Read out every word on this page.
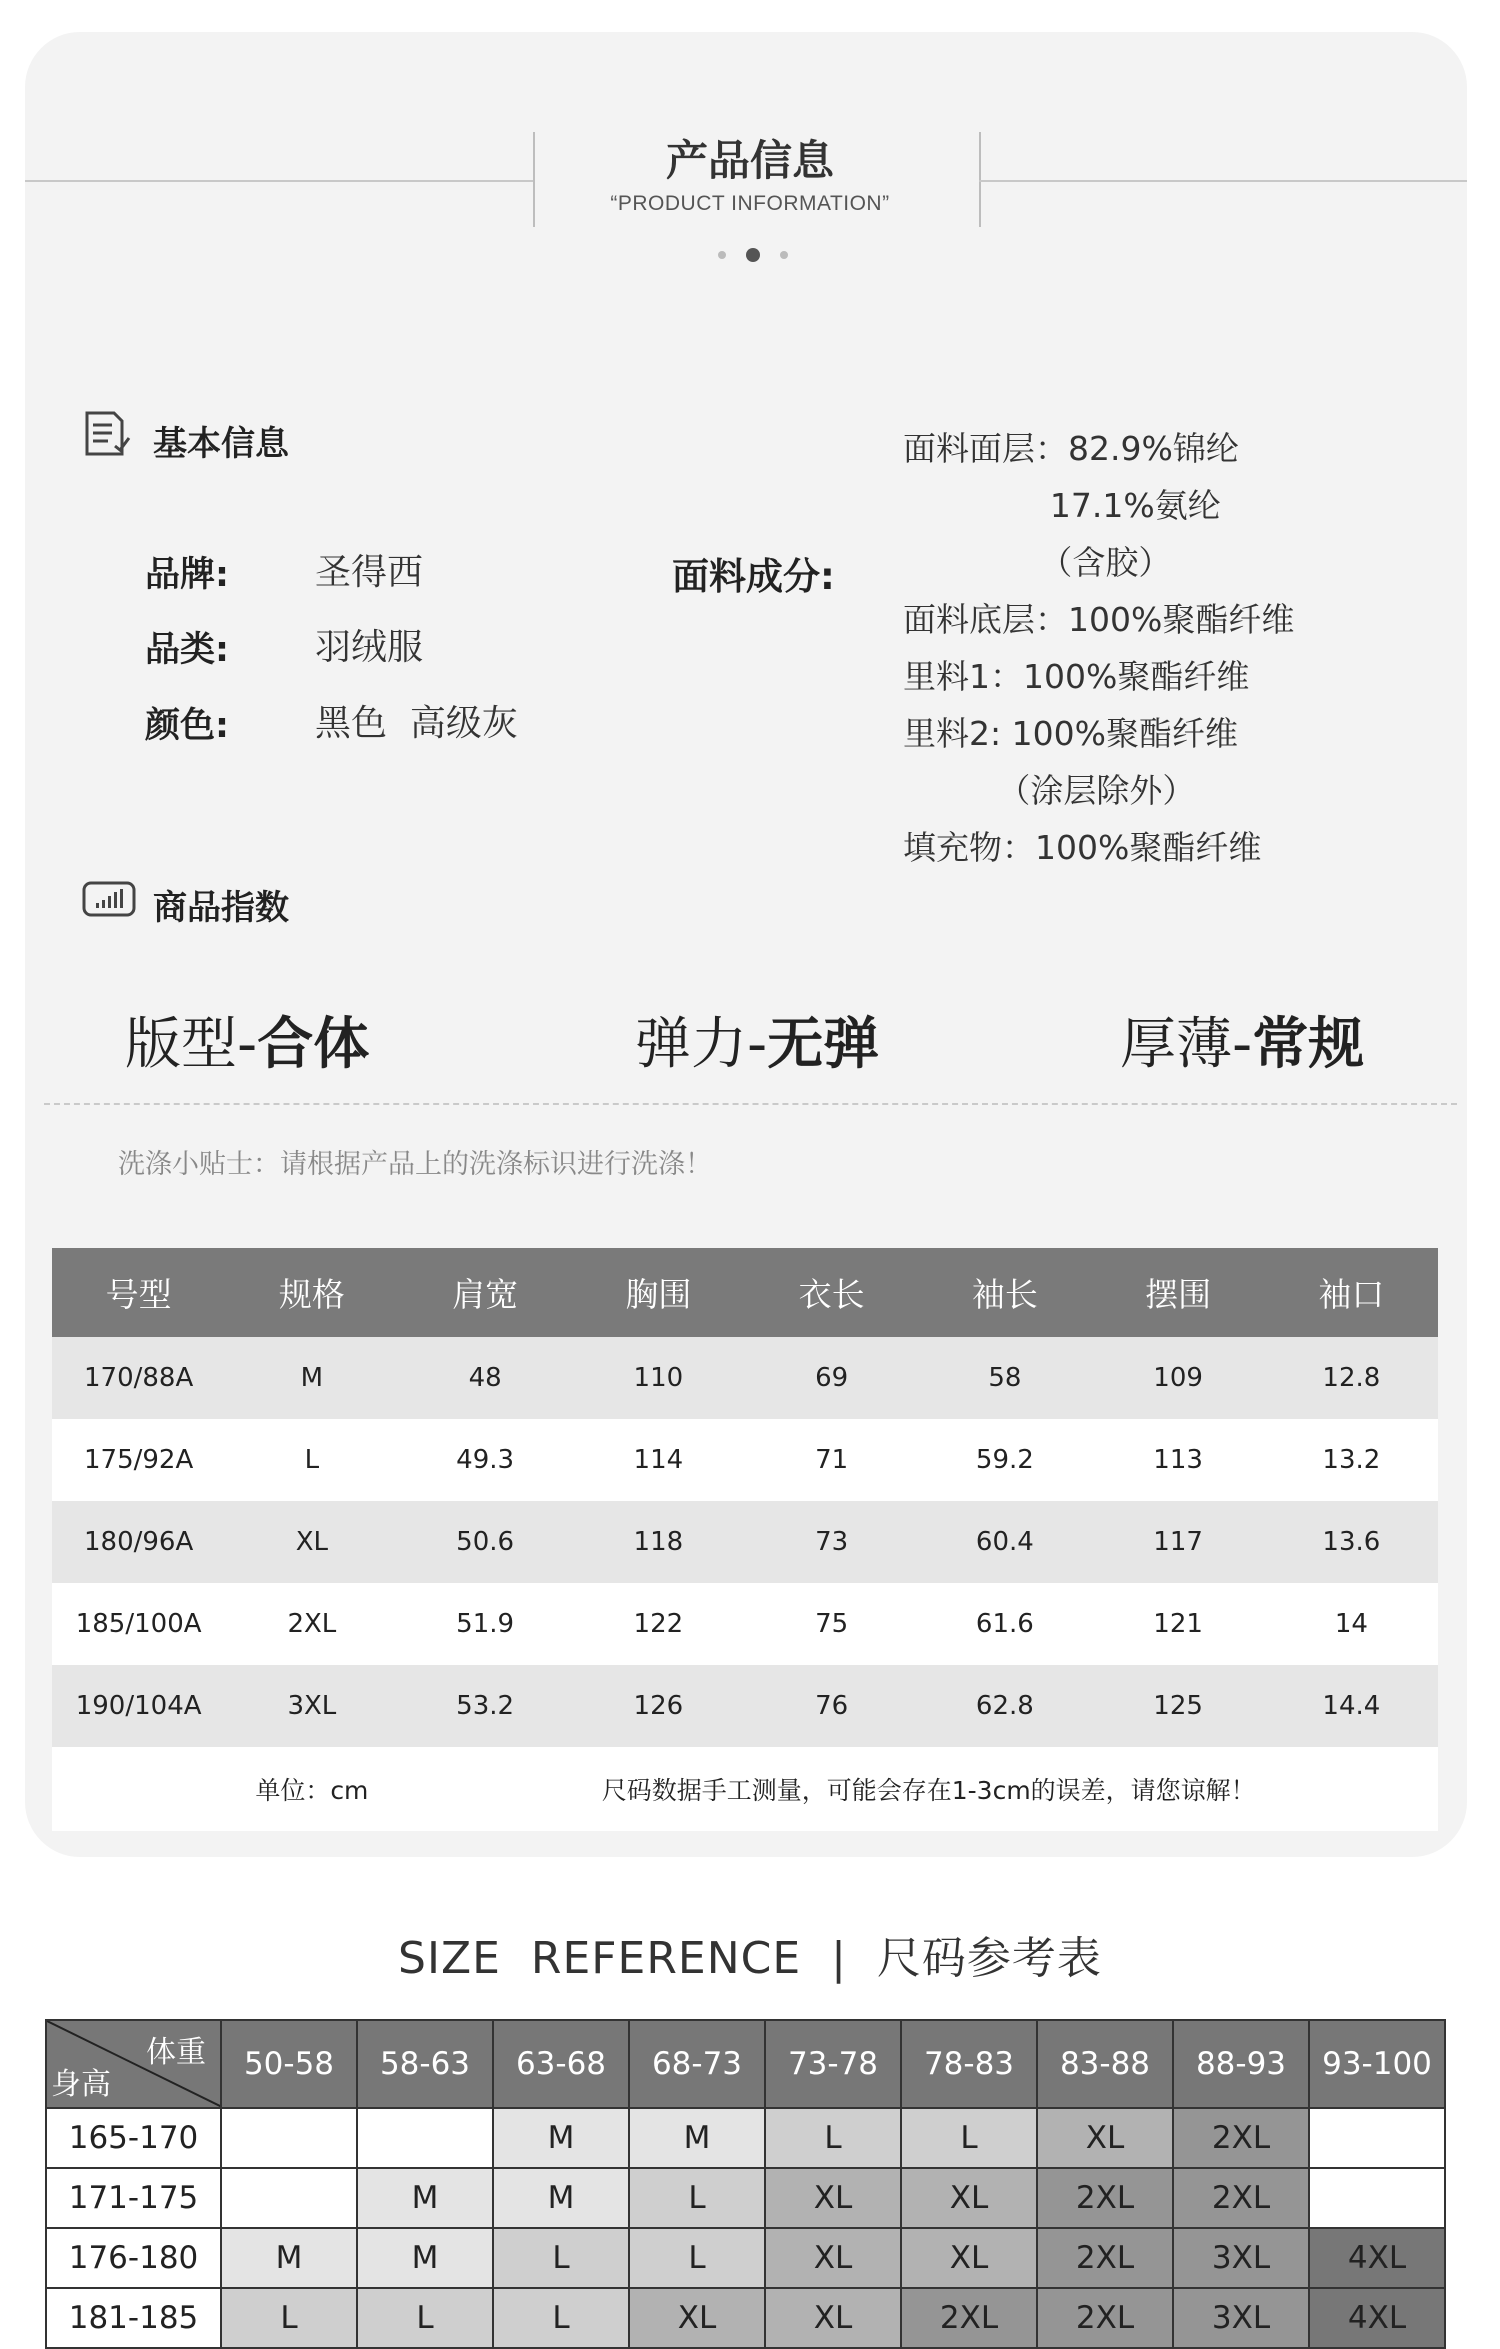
产品信息
“PRODUCT INFORMATION”
基本信息
品牌: 圣得西
品类: 羽绒服
颜色: 黑色  高级灰
面料成分:
面料面层：82.9%锦纶
17.1%氨纶
（含胶）
面料底层：100%聚酯纤维
里料1：100%聚酯纤维
里料2: 100%聚酯纤维
（涂层除外）
填充物：100%聚酯纤维
商品指数
版型-合体	弹力-无弹	厚薄-常规
洗涤小贴士：请根据产品上的洗涤标识进行洗涤！
号型	规格	肩宽	胸围	衣长	袖长	摆围	袖口
170/88A	M	48	110	69	58	109	12.8
175/92A	L	49.3	114	71	59.2	113	13.2
180/96A	XL	50.6	118	73	60.4	117	13.6
185/100A	2XL	51.9	122	75	61.6	121	14
190/104A	3XL	53.2	126	76	62.8	125	14.4
单位：cm			尺码数据手工测量，可能会存在1-3cm的误差，请您谅解！				
SIZE  REFERENCE  |  尺码参考表
体重
身高	50-58	58-63	63-68	68-73	73-78	78-83	83-88	88-93	93-100
165-170			M	M	L	L	XL	2XL	
171-175		M	M	L	XL	XL	2XL	2XL	
176-180	M	M	L	L	XL	XL	2XL	3XL	4XL
181-185	L	L	L	XL	XL	2XL	2XL	3XL	4XL
